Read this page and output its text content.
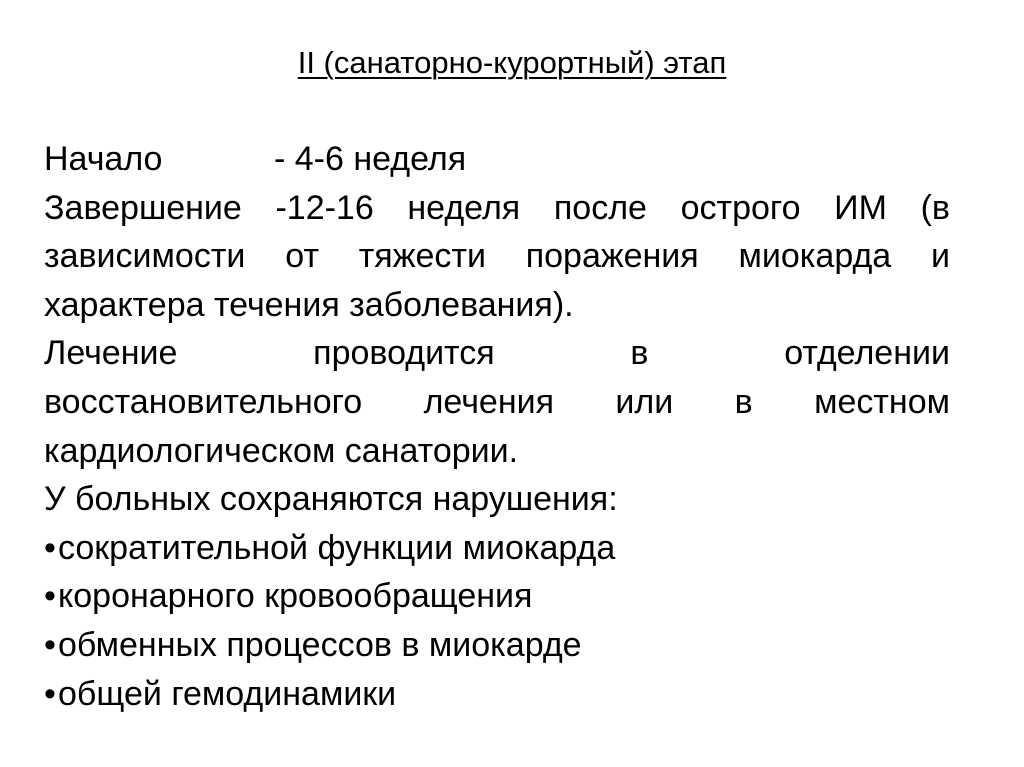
II (санаторно-курортный) этап
Начало	- 4-6 неделя
Завершение -12-16 неделя после острого ИМ (в
зависимости от тяжести поражения миокарда и
характера течения заболевания).
Лечение	проводится	в	отделении
восстановительного лечения или в местном
кардиологическом санатории.
У больных сохраняются нарушения:
•сократительной функции миокарда
•коронарного кровообращения
•обменных процессов в миокарде
•общей гемодинамики
